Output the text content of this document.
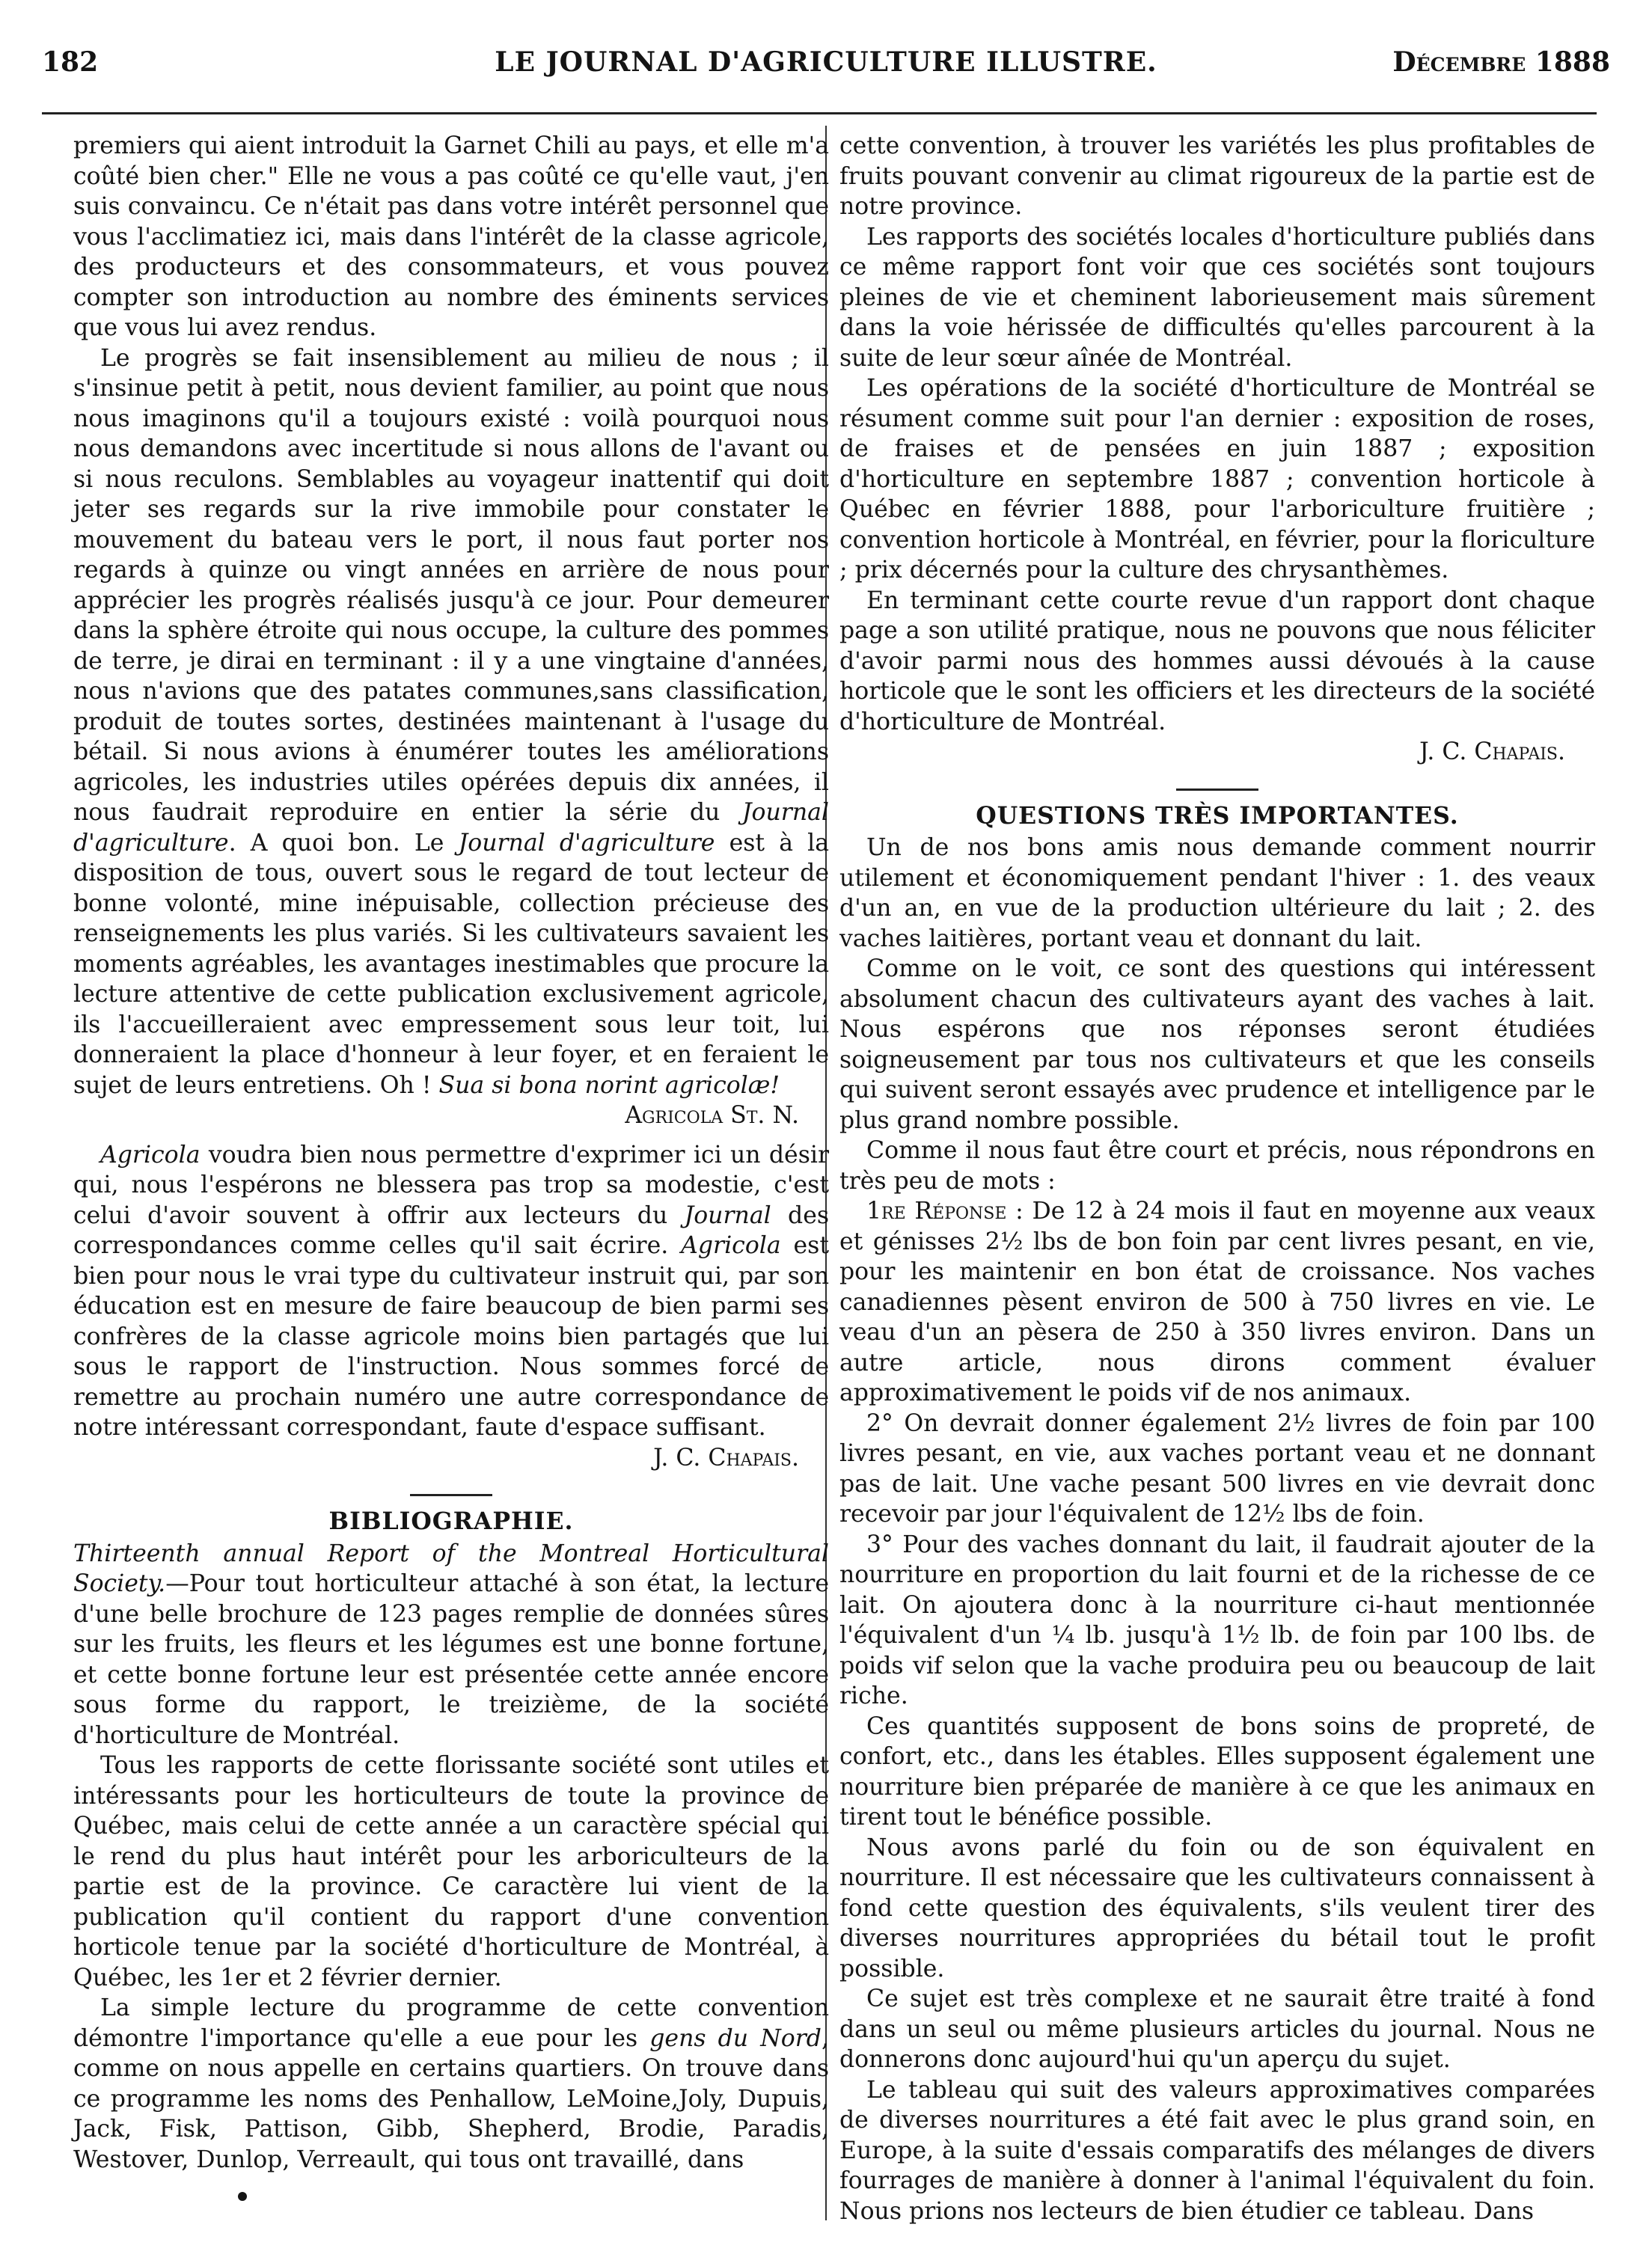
182	LE JOURNAL D'AGRICULTURE ILLUSTRE.	Décembre 1888

premiers qui aient introduit la Garnet Chili au pays, et elle m'a coûté bien cher." Elle ne vous a pas coûté ce qu'elle vaut, j'en suis convaincu. Ce n'était pas dans votre intérêt personnel que vous l'acclimatiez ici, mais dans l'intérêt de la classe agricole, des producteurs et des consommateurs, et vous pouvez compter son introduction au nombre des éminents services que vous lui avez rendus.

Le progrès se fait insensiblement au milieu de nous ; il s'insinue petit à petit, nous devient familier, au point que nous nous imaginons qu'il a toujours existé : voilà pourquoi nous nous demandons avec incertitude si nous allons de l'avant ou si nous reculons. Semblables au voyageur inattentif qui doit jeter ses regards sur la rive immobile pour constater le mouvement du bateau vers le port, il nous faut porter nos regards à quinze ou vingt années en arrière de nous pour apprécier les progrès réalisés jusqu'à ce jour. Pour demeurer dans la sphère étroite qui nous occupe, la culture des pommes de terre, je dirai en terminant : il y a une vingtaine d'années, nous n'avions que des patates communes,sans classification, produit de toutes sortes, destinées maintenant à l'usage du bétail. Si nous avions à énumérer toutes les améliorations agricoles, les industries utiles opérées depuis dix années, il nous faudrait reproduire en entier la série du Journal d'agriculture. A quoi bon. Le Journal d'agriculture est à la disposition de tous, ouvert sous le regard de tout lecteur de bonne volonté, mine inépuisable, collection précieuse des renseignements les plus variés. Si les cultivateurs savaient les moments agréables, les avantages inestimables que procure la lecture attentive de cette publication exclusivement agricole, ils l'accueilleraient avec empressement sous leur toit, lui donneraient la place d'honneur à leur foyer, et en feraient le sujet de leurs entretiens. Oh ! Sua si bona norint agricolæ!

Agricola St. N.

Agricola voudra bien nous permettre d'exprimer ici un désir qui, nous l'espérons ne blessera pas trop sa modestie, c'est celui d'avoir souvent à offrir aux lecteurs du Journal des correspondances comme celles qu'il sait écrire. Agricola est bien pour nous le vrai type du cultivateur instruit qui, par son éducation est en mesure de faire beaucoup de bien parmi ses confrères de la classe agricole moins bien partagés que lui sous le rapport de l'instruction. Nous sommes forcé de remettre au prochain numéro une autre correspondance de notre intéressant correspondant, faute d'espace suffisant.

J. C. Chapais.
BIBLIOGRAPHIE.

Thirteenth annual Report of the Montreal Horticultural Society.—Pour tout horticulteur attaché à son état, la lecture d'une belle brochure de 123 pages remplie de données sûres sur les fruits, les fleurs et les légumes est une bonne fortune, et cette bonne fortune leur est présentée cette année encore sous forme du rapport, le treizième, de la société d'horticulture de Montréal.

Tous les rapports de cette florissante société sont utiles et intéressants pour les horticulteurs de toute la province de Québec, mais celui de cette année a un caractère spécial qui le rend du plus haut intérêt pour les arboriculteurs de la partie est de la province. Ce caractère lui vient de la publication qu'il contient du rapport d'une convention horticole tenue par la société d'horticulture de Montréal, à Québec, les 1er et 2 février dernier.

La simple lecture du programme de cette convention démontre l'importance qu'elle a eue pour les gens du Nord, comme on nous appelle en certains quartiers. On trouve dans ce programme les noms des Penhallow, LeMoine,Joly, Dupuis, Jack, Fisk, Pattison, Gibb, Shepherd, Brodie, Paradis, Westover, Dunlop, Verreault, qui tous ont travaillé, dans

cette convention, à trouver les variétés les plus profitables de fruits pouvant convenir au climat rigoureux de la partie est de notre province.

Les rapports des sociétés locales d'horticulture publiés dans ce même rapport font voir que ces sociétés sont toujours pleines de vie et cheminent laborieusement mais sûrement dans la voie hérissée de difficultés qu'elles parcourent à la suite de leur sœur aînée de Montréal.

Les opérations de la société d'horticulture de Montréal se résument comme suit pour l'an dernier : exposition de roses, de fraises et de pensées en juin 1887 ; exposition d'horticulture en septembre 1887 ; convention horticole à Québec en février 1888, pour l'arboriculture fruitière ; convention horticole à Montréal, en février, pour la floriculture ; prix décernés pour la culture des chrysanthèmes.

En terminant cette courte revue d'un rapport dont chaque page a son utilité pratique, nous ne pouvons que nous féliciter d'avoir parmi nous des hommes aussi dévoués à la cause horticole que le sont les officiers et les directeurs de la société d'horticulture de Montréal.

J. C. Chapais.
QUESTIONS TRÈS IMPORTANTES.

Un de nos bons amis nous demande comment nourrir utilement et économiquement pendant l'hiver : 1. des veaux d'un an, en vue de la production ultérieure du lait ; 2. des vaches laitières, portant veau et donnant du lait.

Comme on le voit, ce sont des questions qui intéressent absolument chacun des cultivateurs ayant des vaches à lait. Nous espérons que nos réponses seront étudiées soigneusement par tous nos cultivateurs et que les conseils qui suivent seront essayés avec prudence et intelligence par le plus grand nombre possible.

Comme il nous faut être court et précis, nous répondrons en très peu de mots :

1re Réponse : De 12 à 24 mois il faut en moyenne aux veaux et génisses 2½ lbs de bon foin par cent livres pesant, en vie, pour les maintenir en bon état de croissance. Nos vaches canadiennes pèsent environ de 500 à 750 livres en vie. Le veau d'un an pèsera de 250 à 350 livres environ. Dans un autre article, nous dirons comment évaluer approximativement le poids vif de nos animaux.

2° On devrait donner également 2½ livres de foin par 100 livres pesant, en vie, aux vaches portant veau et ne donnant pas de lait. Une vache pesant 500 livres en vie devrait donc recevoir par jour l'équivalent de 12½ lbs de foin.

3° Pour des vaches donnant du lait, il faudrait ajouter de la nourriture en proportion du lait fourni et de la richesse de ce lait. On ajoutera donc à la nourriture ci-haut mentionnée l'équivalent d'un ¼ lb. jusqu'à 1½ lb. de foin par 100 lbs. de poids vif selon que la vache produira peu ou beaucoup de lait riche.

Ces quantités supposent de bons soins de propreté, de confort, etc., dans les étables. Elles supposent également une nourriture bien préparée de manière à ce que les animaux en tirent tout le bénéfice possible.

Nous avons parlé du foin ou de son équivalent en nourriture. Il est nécessaire que les cultivateurs connaissent à fond cette question des équivalents, s'ils veulent tirer des diverses nourritures appropriées du bétail tout le profit possible.

Ce sujet est très complexe et ne saurait être traité à fond dans un seul ou même plusieurs articles du journal. Nous ne donnerons donc aujourd'hui qu'un aperçu du sujet.

Le tableau qui suit des valeurs approximatives comparées de diverses nourritures a été fait avec le plus grand soin, en Europe, à la suite d'essais comparatifs des mélanges de divers fourrages de manière à donner à l'animal l'équivalent du foin. Nous prions nos lecteurs de bien étudier ce tableau. Dans
